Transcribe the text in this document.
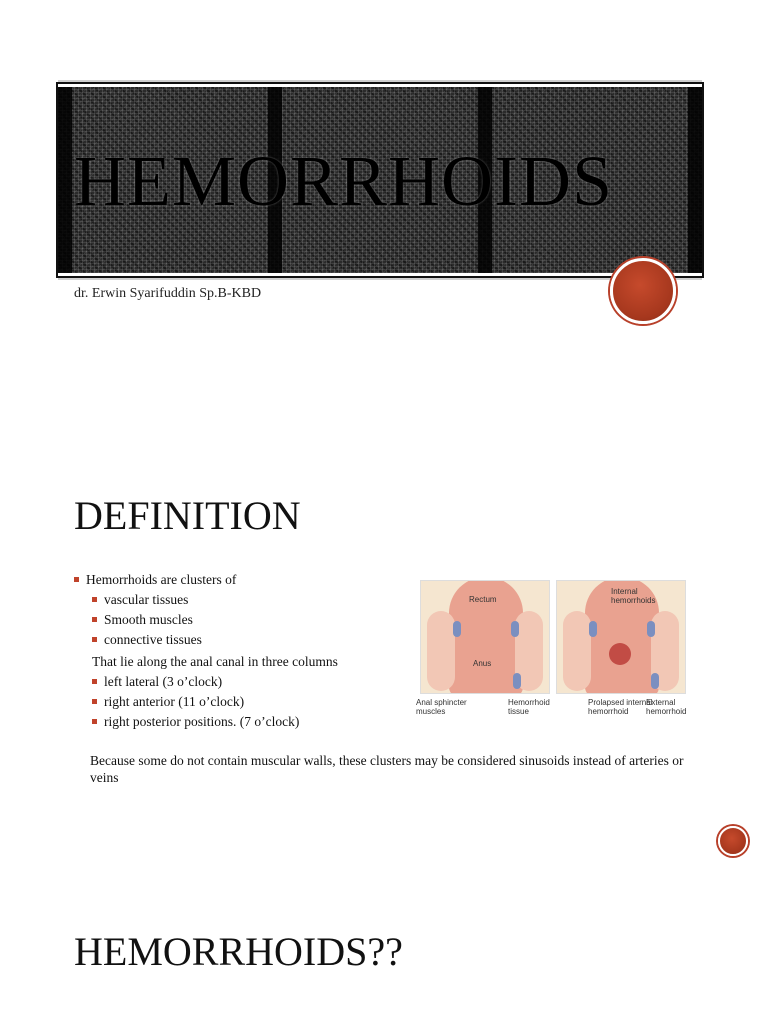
HEMORRHOIDS
dr. Erwin Syarifuddin Sp.B-KBD
DEFINITION
Hemorrhoids are clusters of
vascular tissues
Smooth muscles
connective tissues
That lie along the anal canal in three columns
left lateral (3 o’clock)
right anterior (11 o’clock)
right posterior positions. (7 o’clock)
Rectum
Anus
Internal hemorrhoids
Anal sphincter muscles
Hemorrhoid tissue
Prolapsed internal hemorrhoid
External hemorrhoid
Because some do not contain muscular walls, these clusters may be considered sinusoids instead of arteries or veins
HEMORRHOIDS??
